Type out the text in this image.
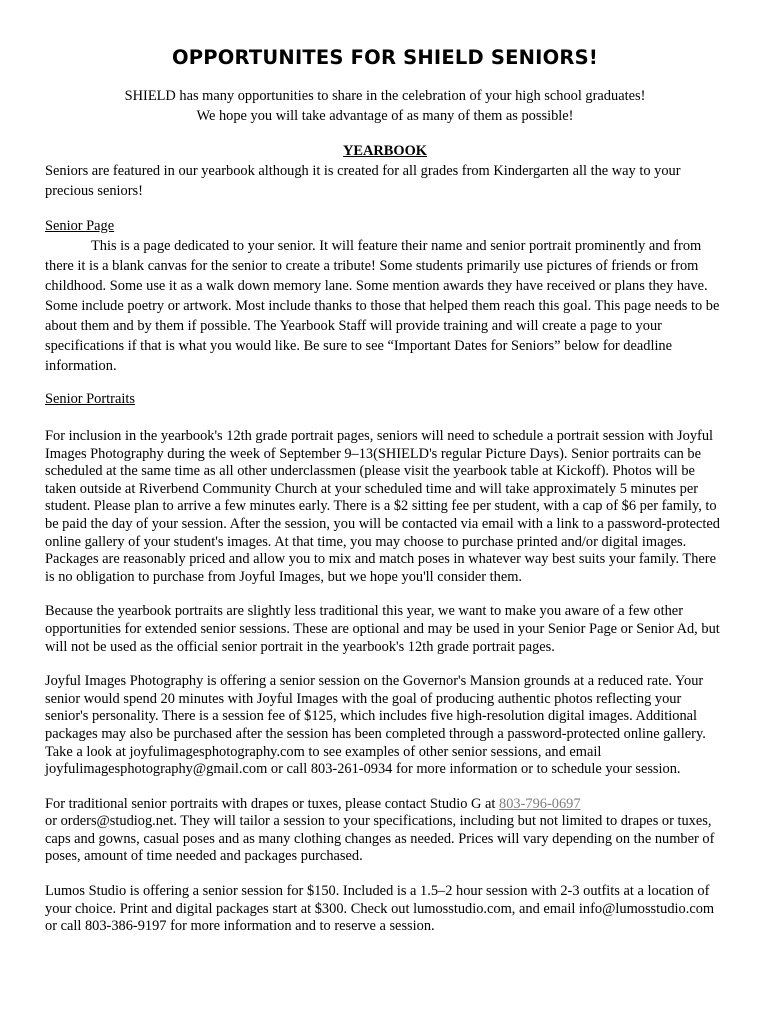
OPPORTUNITES FOR SHIELD SENIORS!
SHIELD has many opportunities to share in the celebration of your high school graduates!
We hope you will take advantage of as many of them as possible!
YEARBOOK
Seniors are featured in our yearbook although it is created for all grades from Kindergarten all the way to your precious seniors!
Senior Page
This is a page dedicated to your senior. It will feature their name and senior portrait prominently and from there it is a blank canvas for the senior to create a tribute! Some students primarily use pictures of friends or from childhood. Some use it as a walk down memory lane. Some mention awards they have received or plans they have. Some include poetry or artwork. Most include thanks to those that helped them reach this goal. This page needs to be about them and by them if possible. The Yearbook Staff will provide training and will create a page to your specifications if that is what you would like. Be sure to see “Important Dates for Seniors” below for deadline information.
Senior Portraits

For inclusion in the yearbook's 12th grade portrait pages, seniors will need to schedule a portrait session with Joyful Images Photography during the week of September 9–13(SHIELD's regular Picture Days). Senior portraits can be scheduled at the same time as all other underclassmen (please visit the yearbook table at Kickoff). Photos will be taken outside at Riverbend Community Church at your scheduled time and will take approximately 5 minutes per student. Please plan to arrive a few minutes early. There is a $2 sitting fee per student, with a cap of $6 per family, to be paid the day of your session. After the session, you will be contacted via email with a link to a password-protected online gallery of your student's images. At that time, you may choose to purchase printed and/or digital images. Packages are reasonably priced and allow you to mix and match poses in whatever way best suits your family. There is no obligation to purchase from Joyful Images, but we hope you'll consider them.

Because the yearbook portraits are slightly less traditional this year, we want to make you aware of a few other opportunities for extended senior sessions. These are optional and may be used in your Senior Page or Senior Ad, but will not be used as the official senior portrait in the yearbook's 12th grade portrait pages.

Joyful Images Photography is offering a senior session on the Governor's Mansion grounds at a reduced rate. Your senior would spend 20 minutes with Joyful Images with the goal of producing authentic photos reflecting your senior's personality. There is a session fee of $125, which includes five high-resolution digital images. Additional packages may also be purchased after the session has been completed through a password-protected online gallery. Take a look at joyfulimagesphotography.com to see examples of other senior sessions, and email joyfulimagesphotography@gmail.com or call 803-261-0934 for more information or to schedule your session.

For traditional senior portraits with drapes or tuxes, please contact Studio G at 803-796-0697
or orders@studiog.net. They will tailor a session to your specifications, including but not limited to drapes or tuxes, caps and gowns, casual poses and as many clothing changes as needed. Prices will vary depending on the number of poses, amount of time needed and packages purchased.

Lumos Studio is offering a senior session for $150. Included is a 1.5–2 hour session with 2-3 outfits at a location of your choice. Print and digital packages start at $300. Check out lumosstudio.com, and email info@lumosstudio.com or call 803-386-9197 for more information and to reserve a session.
